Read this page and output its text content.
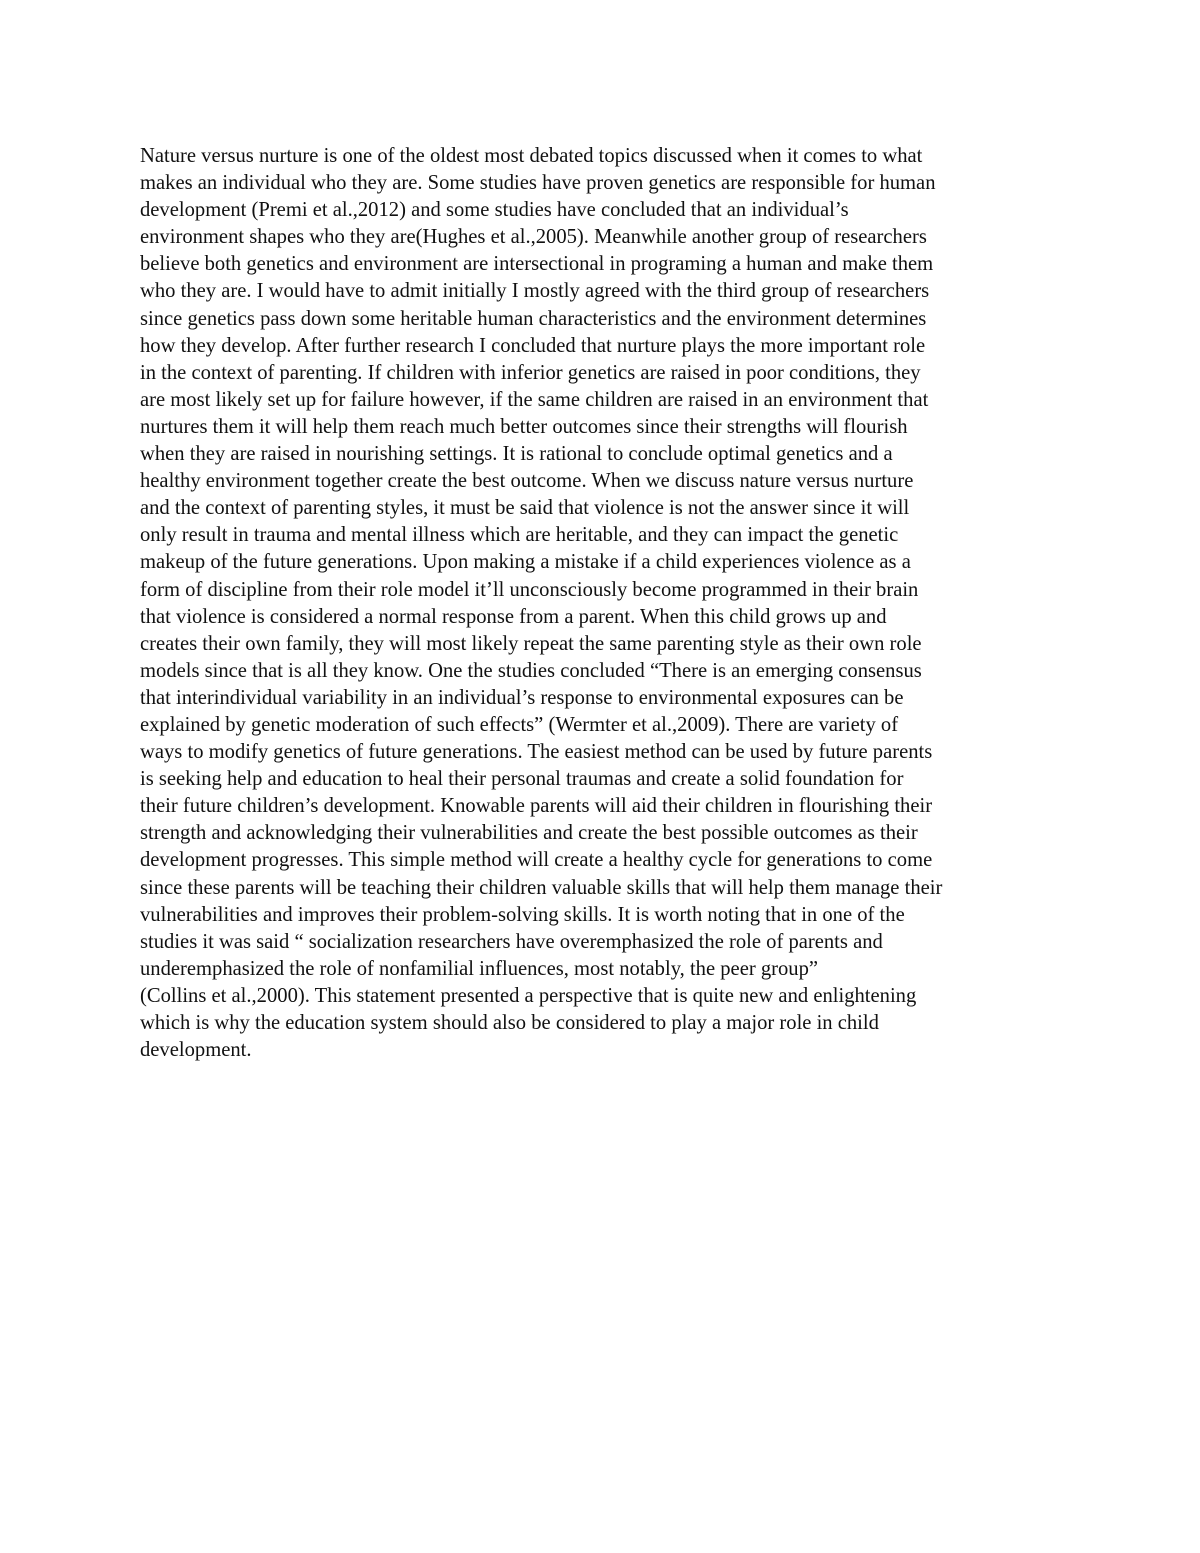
Nature versus nurture is one of the oldest most debated topics discussed when it comes to what
makes an individual who they are. Some studies have proven genetics are responsible for human
development (Premi et al.,2012) and some studies have concluded that an individual’s
environment shapes who they are(Hughes et al.,2005). Meanwhile another group of researchers
believe both genetics and environment are intersectional in programing a human and make them
who they are. I would have to admit initially I mostly agreed with the third group of researchers
since genetics pass down some heritable human characteristics and the environment determines
how they develop. After further research I concluded that nurture plays the more important role
in the context of parenting. If children with inferior genetics are raised in poor conditions, they
are most likely set up for failure however, if the same children are raised in an environment that
nurtures them it will help them reach much better outcomes since their strengths will flourish
when they are raised in nourishing settings. It is rational to conclude optimal genetics and a
healthy environment together create the best outcome. When we discuss nature versus nurture
and the context of parenting styles, it must be said that violence is not the answer since it will
only result in trauma and mental illness which are heritable, and they can impact the genetic
makeup of the future generations. Upon making a mistake if a child experiences violence as a
form of discipline from their role model it’ll unconsciously become programmed in their brain
that violence is considered a normal response from a parent. When this child grows up and
creates their own family, they will most likely repeat the same parenting style as their own role
models since that is all they know. One the studies concluded “There is an emerging consensus
that interindividual variability in an individual’s response to environmental exposures can be
explained by genetic moderation of such effects” (Wermter et al.,2009). There are variety of
ways to modify genetics of future generations. The easiest method can be used by future parents
is seeking help and education to heal their personal traumas and create a solid foundation for
their future children’s development. Knowable parents will aid their children in flourishing their
strength and acknowledging their vulnerabilities and create the best possible outcomes as their
development progresses. This simple method will create a healthy cycle for generations to come
since these parents will be teaching their children valuable skills that will help them manage their
vulnerabilities and improves their problem-solving skills. It is worth noting that in one of the
studies it was said “ socialization researchers have overemphasized the role of parents and
underemphasized the role of nonfamilial influences, most notably, the peer group”
(Collins et al.,2000). This statement presented a perspective that is quite new and enlightening
which is why the education system should also be considered to play a major role in child
development.
